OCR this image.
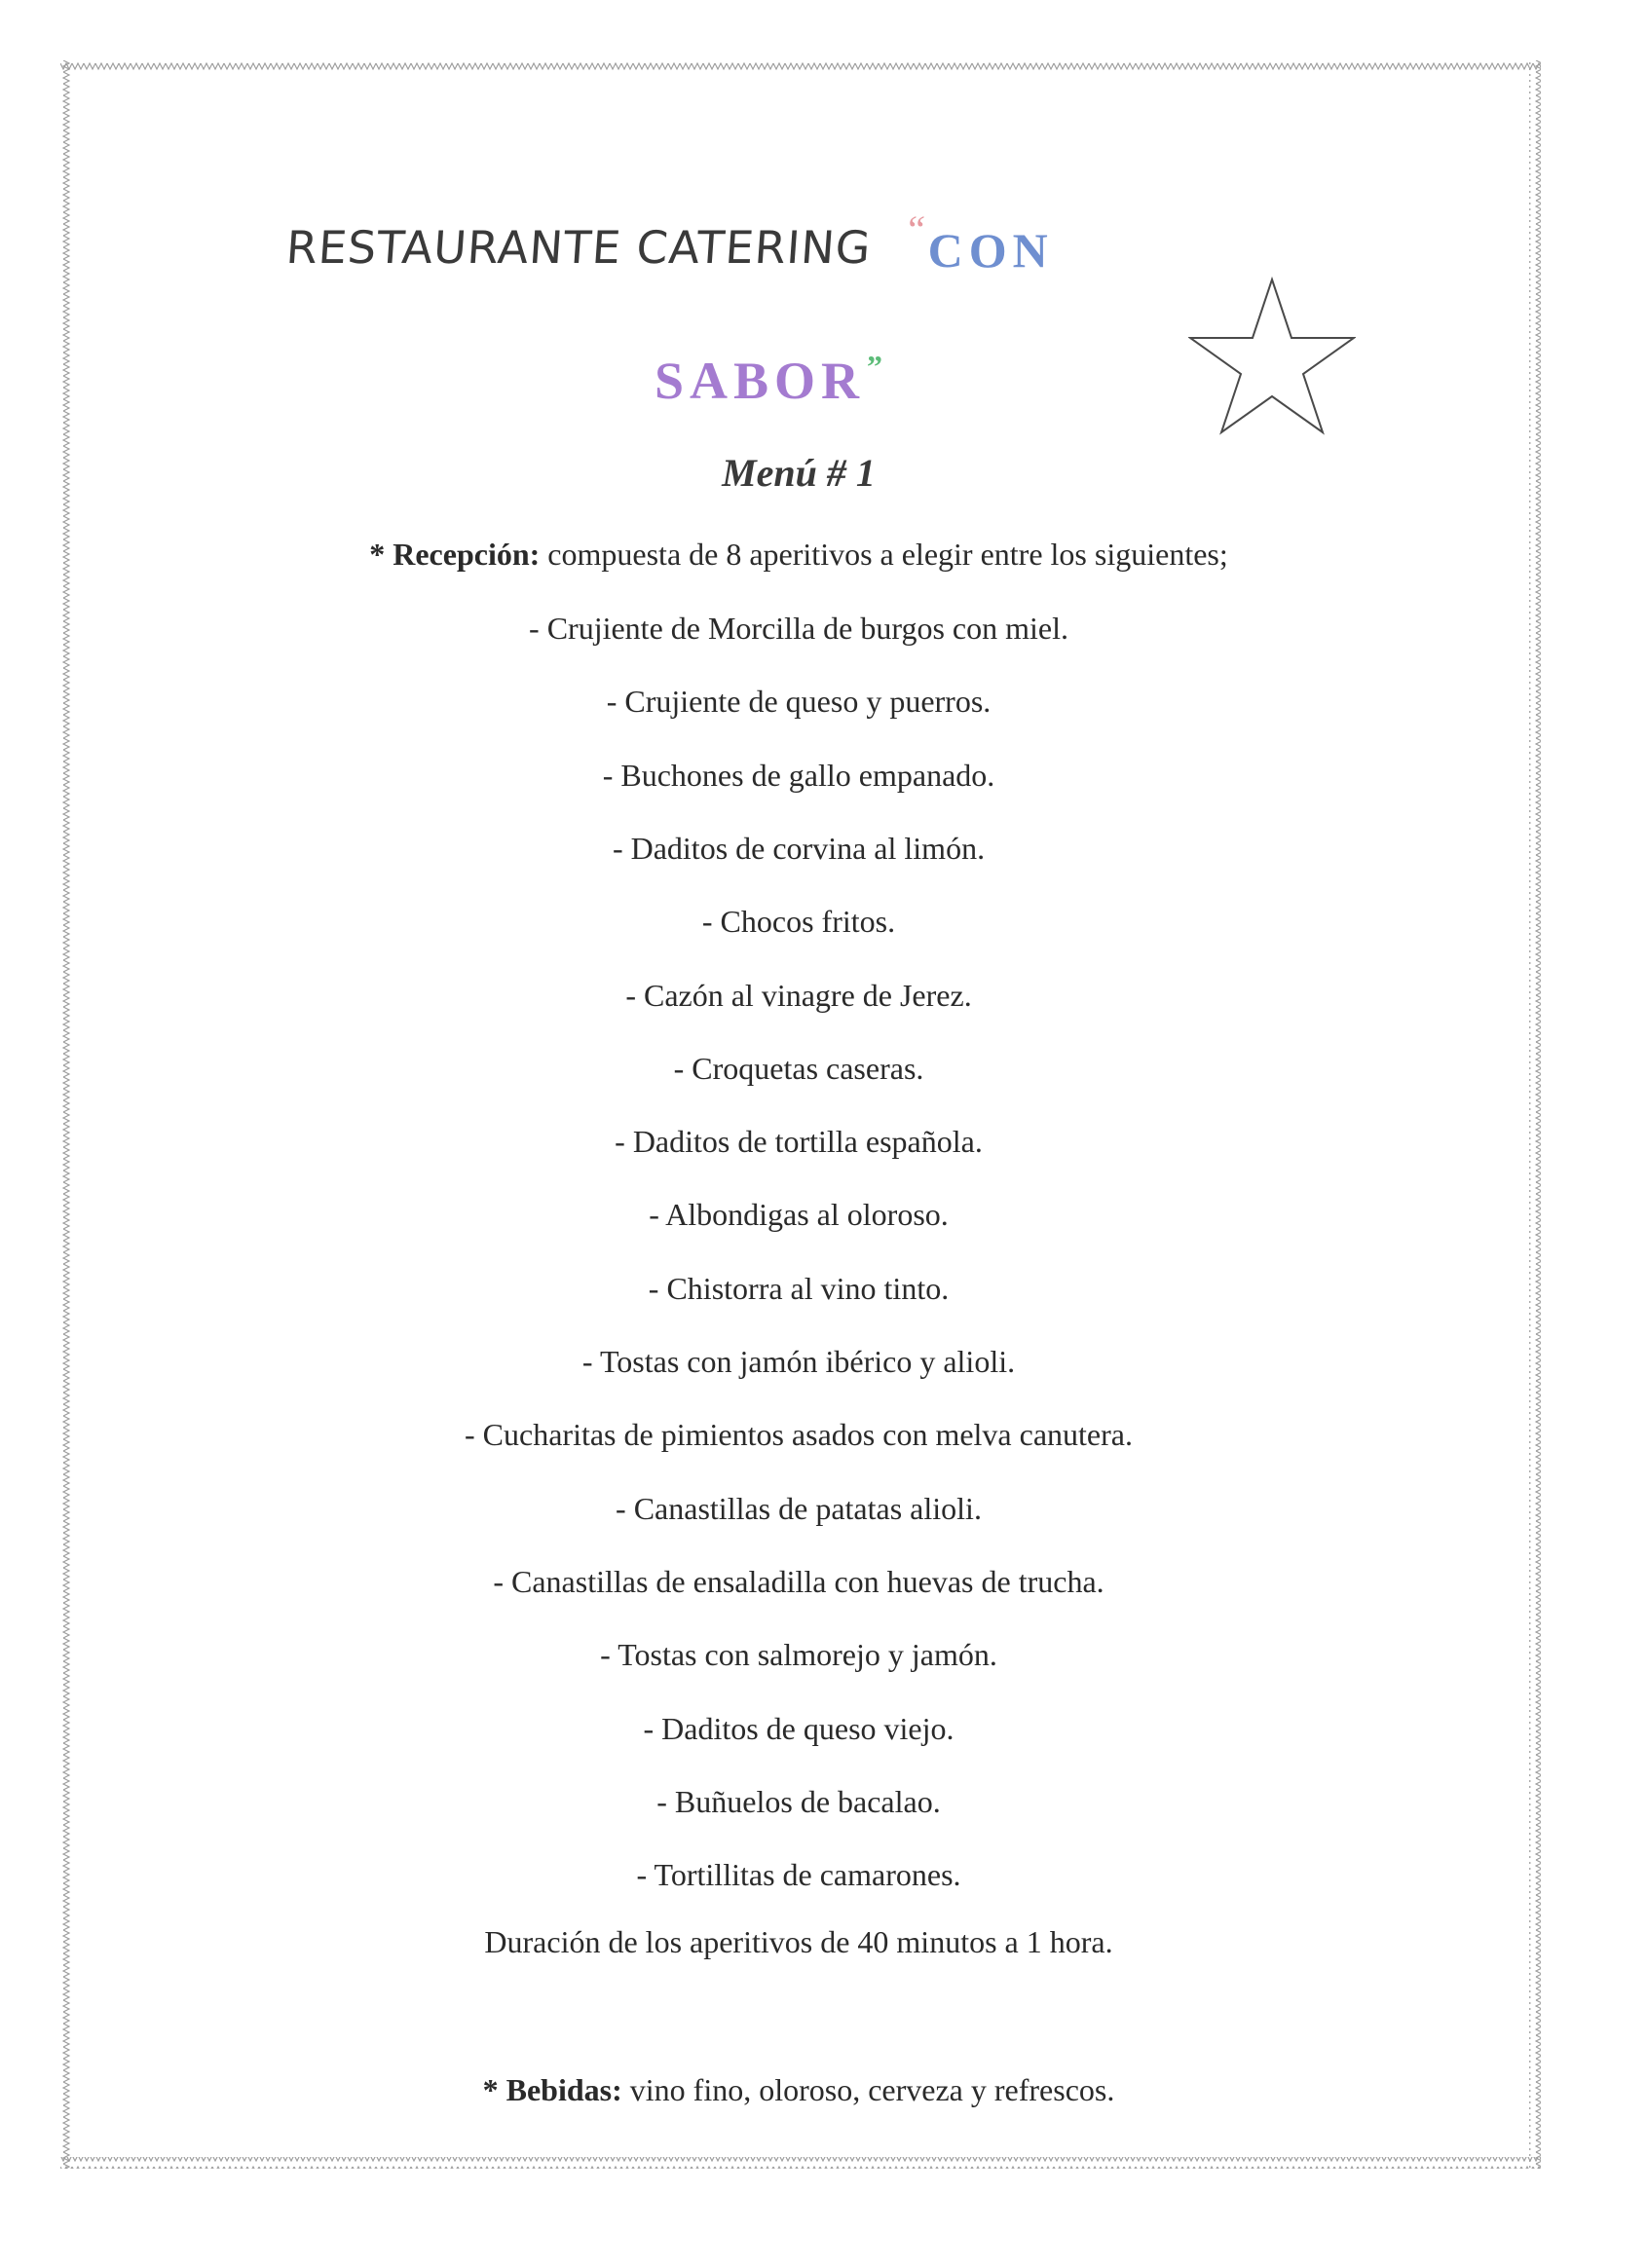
RESTAURANTE CATERING “CON
SABOR”
Menú # 1
* Recepción: compuesta de 8 aperitivos a elegir entre los siguientes;
- Crujiente de Morcilla de burgos con miel.
- Crujiente de queso y puerros.
- Buchones de gallo empanado.
- Daditos de corvina al limón.
- Chocos fritos.
- Cazón al vinagre de Jerez.
- Croquetas caseras.
- Daditos de tortilla española.
- Albondigas al oloroso.
- Chistorra al vino tinto.
- Tostas con jamón ibérico y alioli.
- Cucharitas de pimientos asados con melva canutera.
- Canastillas de patatas alioli.
- Canastillas de ensaladilla con huevas de trucha.
- Tostas con salmorejo y jamón.
- Daditos de queso viejo.
- Buñuelos de bacalao.
- Tortillitas de camarones.
Duración de los aperitivos de 40 minutos a 1 hora.
* Bebidas: vino fino, oloroso, cerveza y refrescos.
